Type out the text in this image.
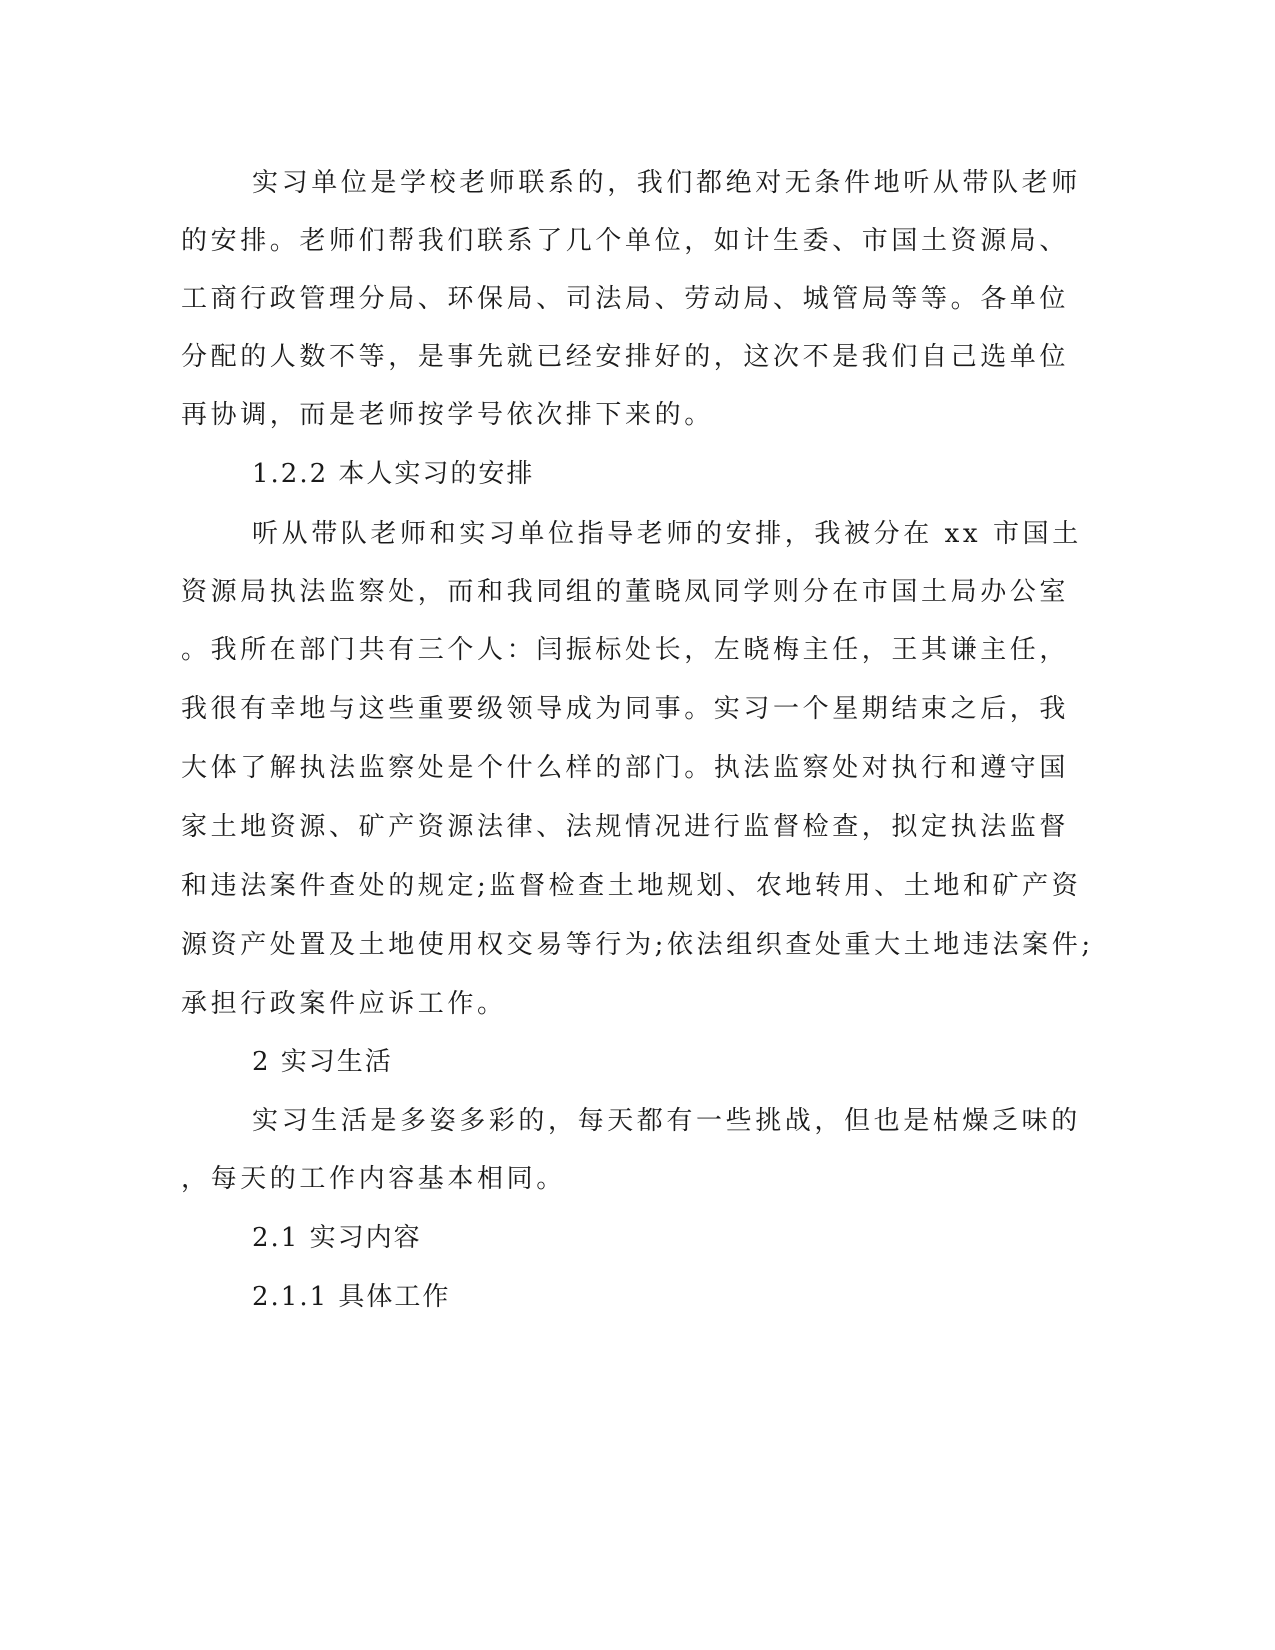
实习单位是学校老师联系的，我们都绝对无条件地听从带队老师
的安排。老师们帮我们联系了几个单位，如计生委、市国土资源局、
工商行政管理分局、环保局、司法局、劳动局、城管局等等。各单位
分配的人数不等，是事先就已经安排好的，这次不是我们自己选单位
再协调，而是老师按学号依次排下来的。
1.2.2 本人实习的安排
听从带队老师和实习单位指导老师的安排，我被分在 xx 市国土
资源局执法监察处，而和我同组的董晓凤同学则分在市国土局办公室
。我所在部门共有三个人：闫振标处长，左晓梅主任，王其谦主任，
我很有幸地与这些重要级领导成为同事。实习一个星期结束之后，我
大体了解执法监察处是个什么样的部门。执法监察处对执行和遵守国
家土地资源、矿产资源法律、法规情况进行监督检查，拟定执法监督
和违法案件查处的规定;监督检查土地规划、农地转用、土地和矿产资
源资产处置及土地使用权交易等行为;依法组织查处重大土地违法案件;
承担行政案件应诉工作。
2 实习生活
实习生活是多姿多彩的，每天都有一些挑战，但也是枯燥乏味的
，每天的工作内容基本相同。
2.1 实习内容
2.1.1 具体工作
